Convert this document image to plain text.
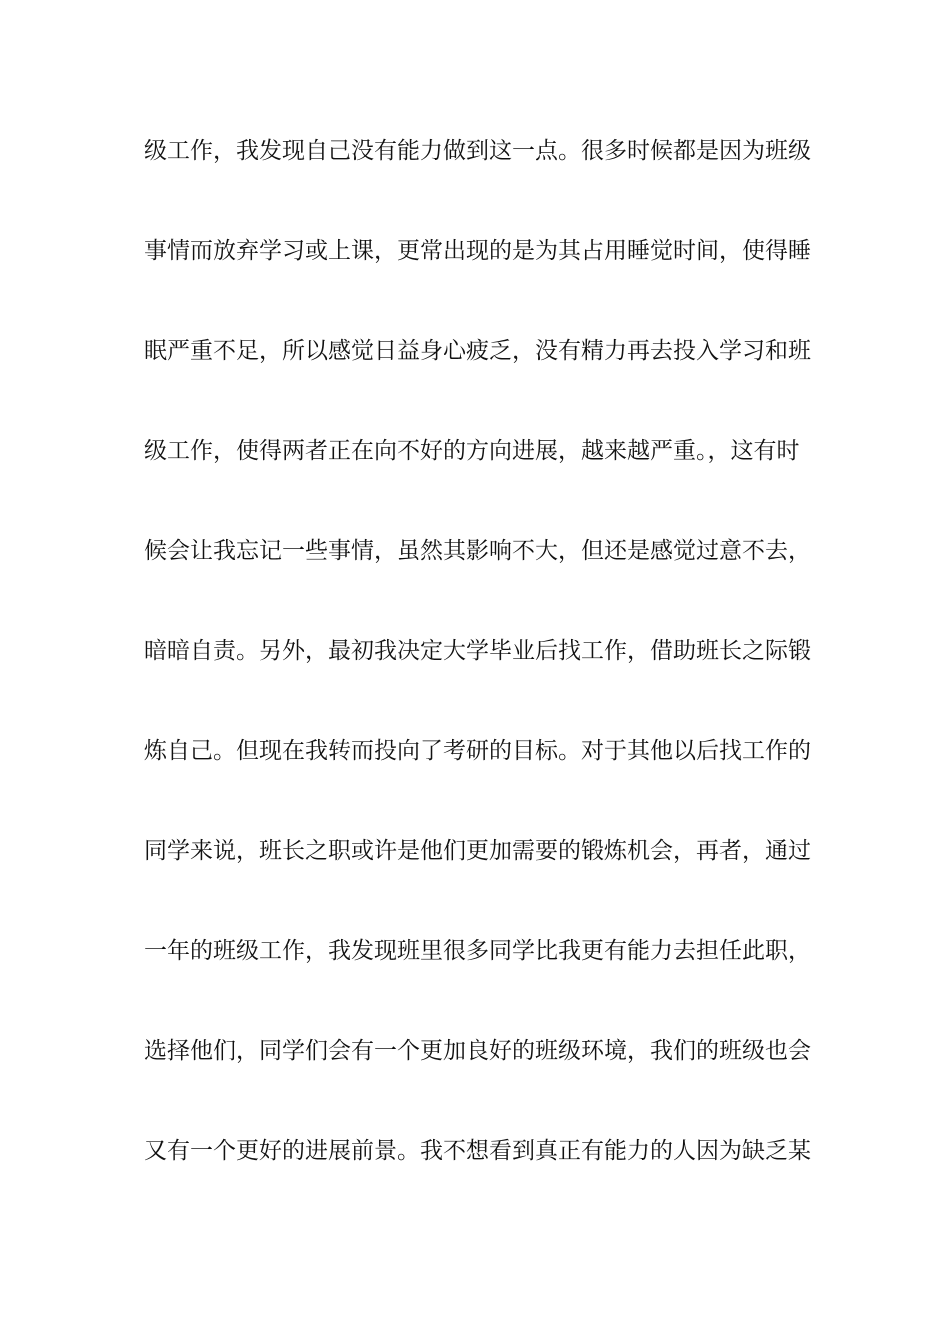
级工作，我发现自己没有能力做到这一点。很多时候都是因为班级
事情而放弃学习或上课，更常出现的是为其占用睡觉时间，使得睡
眠严重不足，所以感觉日益身心疲乏，没有精力再去投入学习和班
级工作，使得两者正在向不好的方向进展，越来越严重。，这有时
候会让我忘记一些事情，虽然其影响不大，但还是感觉过意不去，
暗暗自责。另外，最初我决定大学毕业后找工作，借助班长之际锻
炼自己。但现在我转而投向了考研的目标。对于其他以后找工作的
同学来说，班长之职或许是他们更加需要的锻炼机会，再者，通过
一年的班级工作，我发现班里很多同学比我更有能力去担任此职，
选择他们，同学们会有一个更加良好的班级环境，我们的班级也会
又有一个更好的进展前景。我不想看到真正有能力的人因为缺乏某
